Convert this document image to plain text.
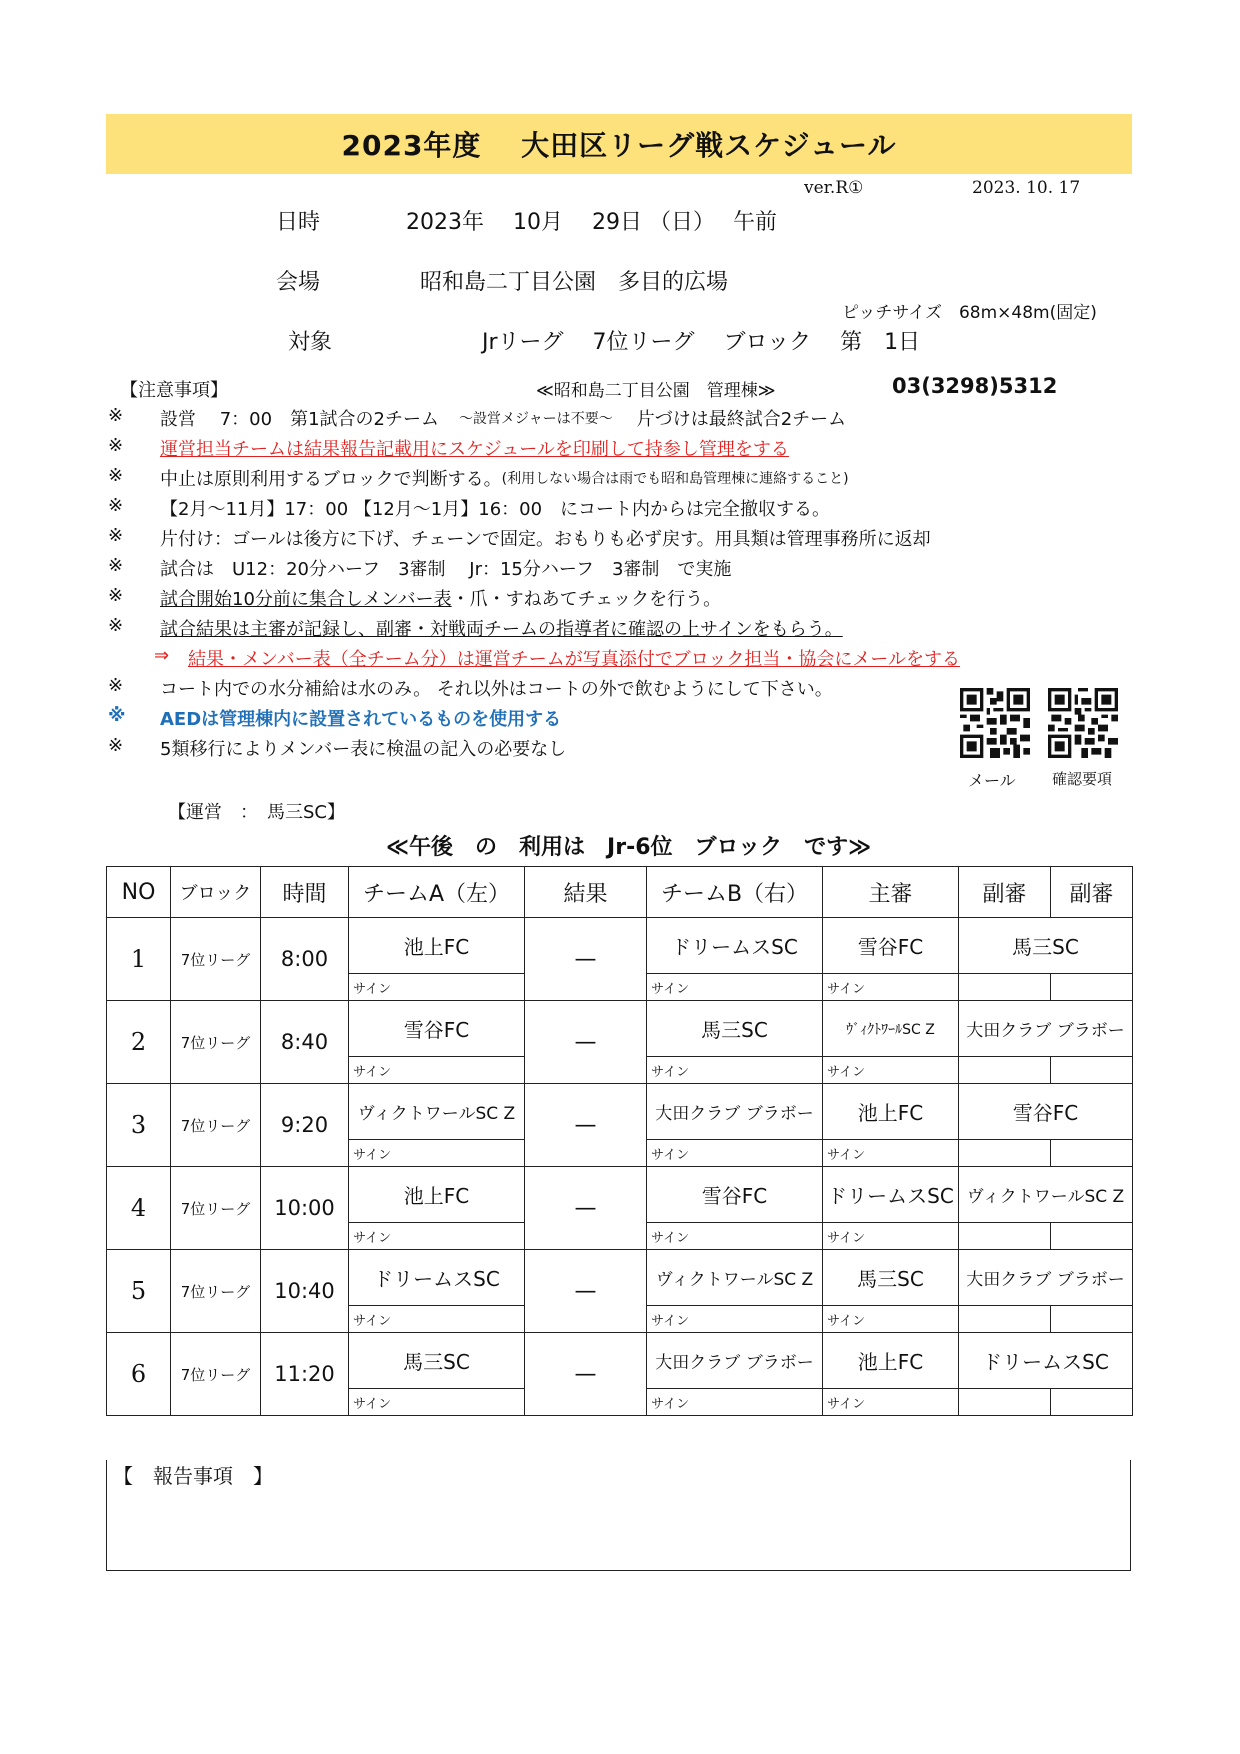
2023年度　 大田区リーグ戦スケジュール
ver.R①	2023. 10. 17
日時	2023年　 10月　 29日 （日）　 午前
会場	昭和島二丁目公園　多目的広場
ピッチサイズ　68m×48m(固定)
対象	Jrリーグ　 7位リーグ　 ブロック　 第　1日
【注意事項】	≪昭和島二丁目公園　管理棟≫	03(3298)5312
※	設営　 7：00　第1試合の2チーム ～設営メジャーは不要～ 片づけは最終試合2チーム
※	運営担当チームは結果報告記載用にスケジュールを印刷して持参し管理をする
※	中止は原則利用するブロックで判断する。 (利用しない場合は雨でも昭和島管理棟に連絡すること)
※	【2月～11月】17：00 【12月～1月】16：00　にコート内からは完全撤収する。
※	片付け：ゴールは後方に下げ、チェーンで固定。おもりも必ず戻す。用具類は管理事務所に返却
※	試合は　U12：20分ハーフ　3審制　 Jr：15分ハーフ　3審制　で実施
※	試合開始10分前に集合しメンバー表 ・爪・すねあてチェックを行う。
※	試合結果は主審が記録し、副審・対戦両チームの指導者に確認の上サインをもらう。
⇒	結果・メンバー表（全チーム分）は運営チームが写真添付でブロック担当・協会にメールをする
※	コート内での水分補給は水のみ。 それ以外はコートの外で飲むようにして下さい。
※	AEDは管理棟内に設置されているものを使用する
※	5類移行によりメンバー表に検温の記入の必要なし
メール 確認要項
【運営　：　馬三SC】
≪午後　の　利用は　Jr-6位　ブロック　です≫
NO	ブロック	時間	チームA（左）	結果	チームB（右）	主審	副審	副審
1	7位リーグ	8:00	池上FC	—	ドリームスSC	雪谷FC	馬三SC	
			サイン		サイン	サイン		
2	7位リーグ	8:40	雪谷FC	—	馬三SC	ｳﾞｨｸﾄﾜｰﾙSC Z	大田クラブ ブラボー	
			サイン		サイン	サイン		
3	7位リーグ	9:20	ヴィクトワールSC Z	—	大田クラブ ブラボー	池上FC	雪谷FC	
			サイン		サイン	サイン		
4	7位リーグ	10:00	池上FC	—	雪谷FC	ドリームスSC	ヴィクトワールSC Z	
			サイン		サイン	サイン		
5	7位リーグ	10:40	ドリームスSC	—	ヴィクトワールSC Z	馬三SC	大田クラブ ブラボー	
			サイン		サイン	サイン		
6	7位リーグ	11:20	馬三SC	—	大田クラブ ブラボー	池上FC	ドリームスSC	
			サイン		サイン	サイン		
【　報告事項　】
